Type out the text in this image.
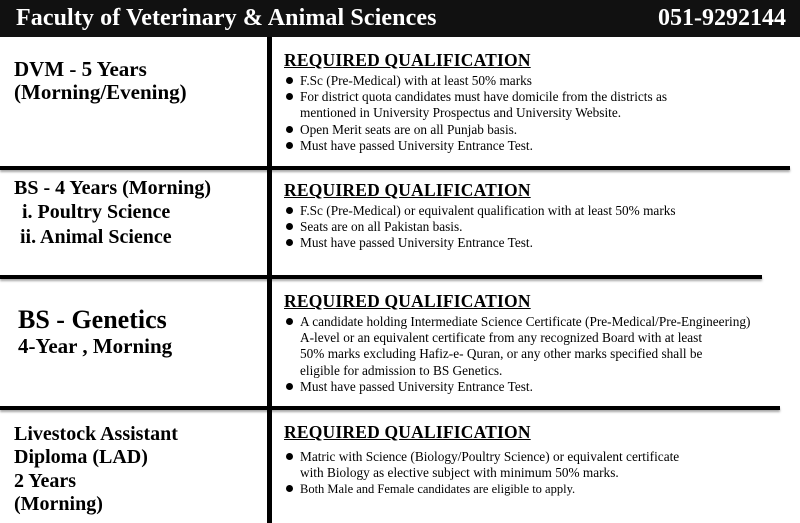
Faculty of Veterinary & Animal Sciences	051-9292144
DVM - 5 Years
(Morning/Evening)
REQUIRED QUALIFICATION
F.Sc (Pre-Medical) with at least 50% marks
For district quota candidates must have domicile from the districts as
mentioned in University Prospectus and University Website.
Open Merit seats are on all Punjab basis.
Must have passed University Entrance Test.
BS - 4 Years (Morning)
i. Poultry Science
ii. Animal Science
REQUIRED QUALIFICATION
F.Sc (Pre-Medical) or equivalent qualification with at least 50% marks
Seats are on all Pakistan basis.
Must have passed University Entrance Test.
BS - Genetics
4-Year , Morning
REQUIRED QUALIFICATION
A candidate holding Intermediate Science Certificate (Pre-Medical/Pre-Engineering)
A-level or an equivalent certificate from any recognized Board with at least
50% marks excluding Hafiz-e- Quran, or any other marks specified shall be
eligible for admission to BS Genetics.
Must have passed University Entrance Test.
Livestock Assistant
Diploma (LAD)
2 Years
(Morning)
REQUIRED QUALIFICATION
Matric with Science (Biology/Poultry Science) or equivalent certificate
with Biology as elective subject with minimum 50% marks.
Both Male and Female candidates are eligible to apply.
